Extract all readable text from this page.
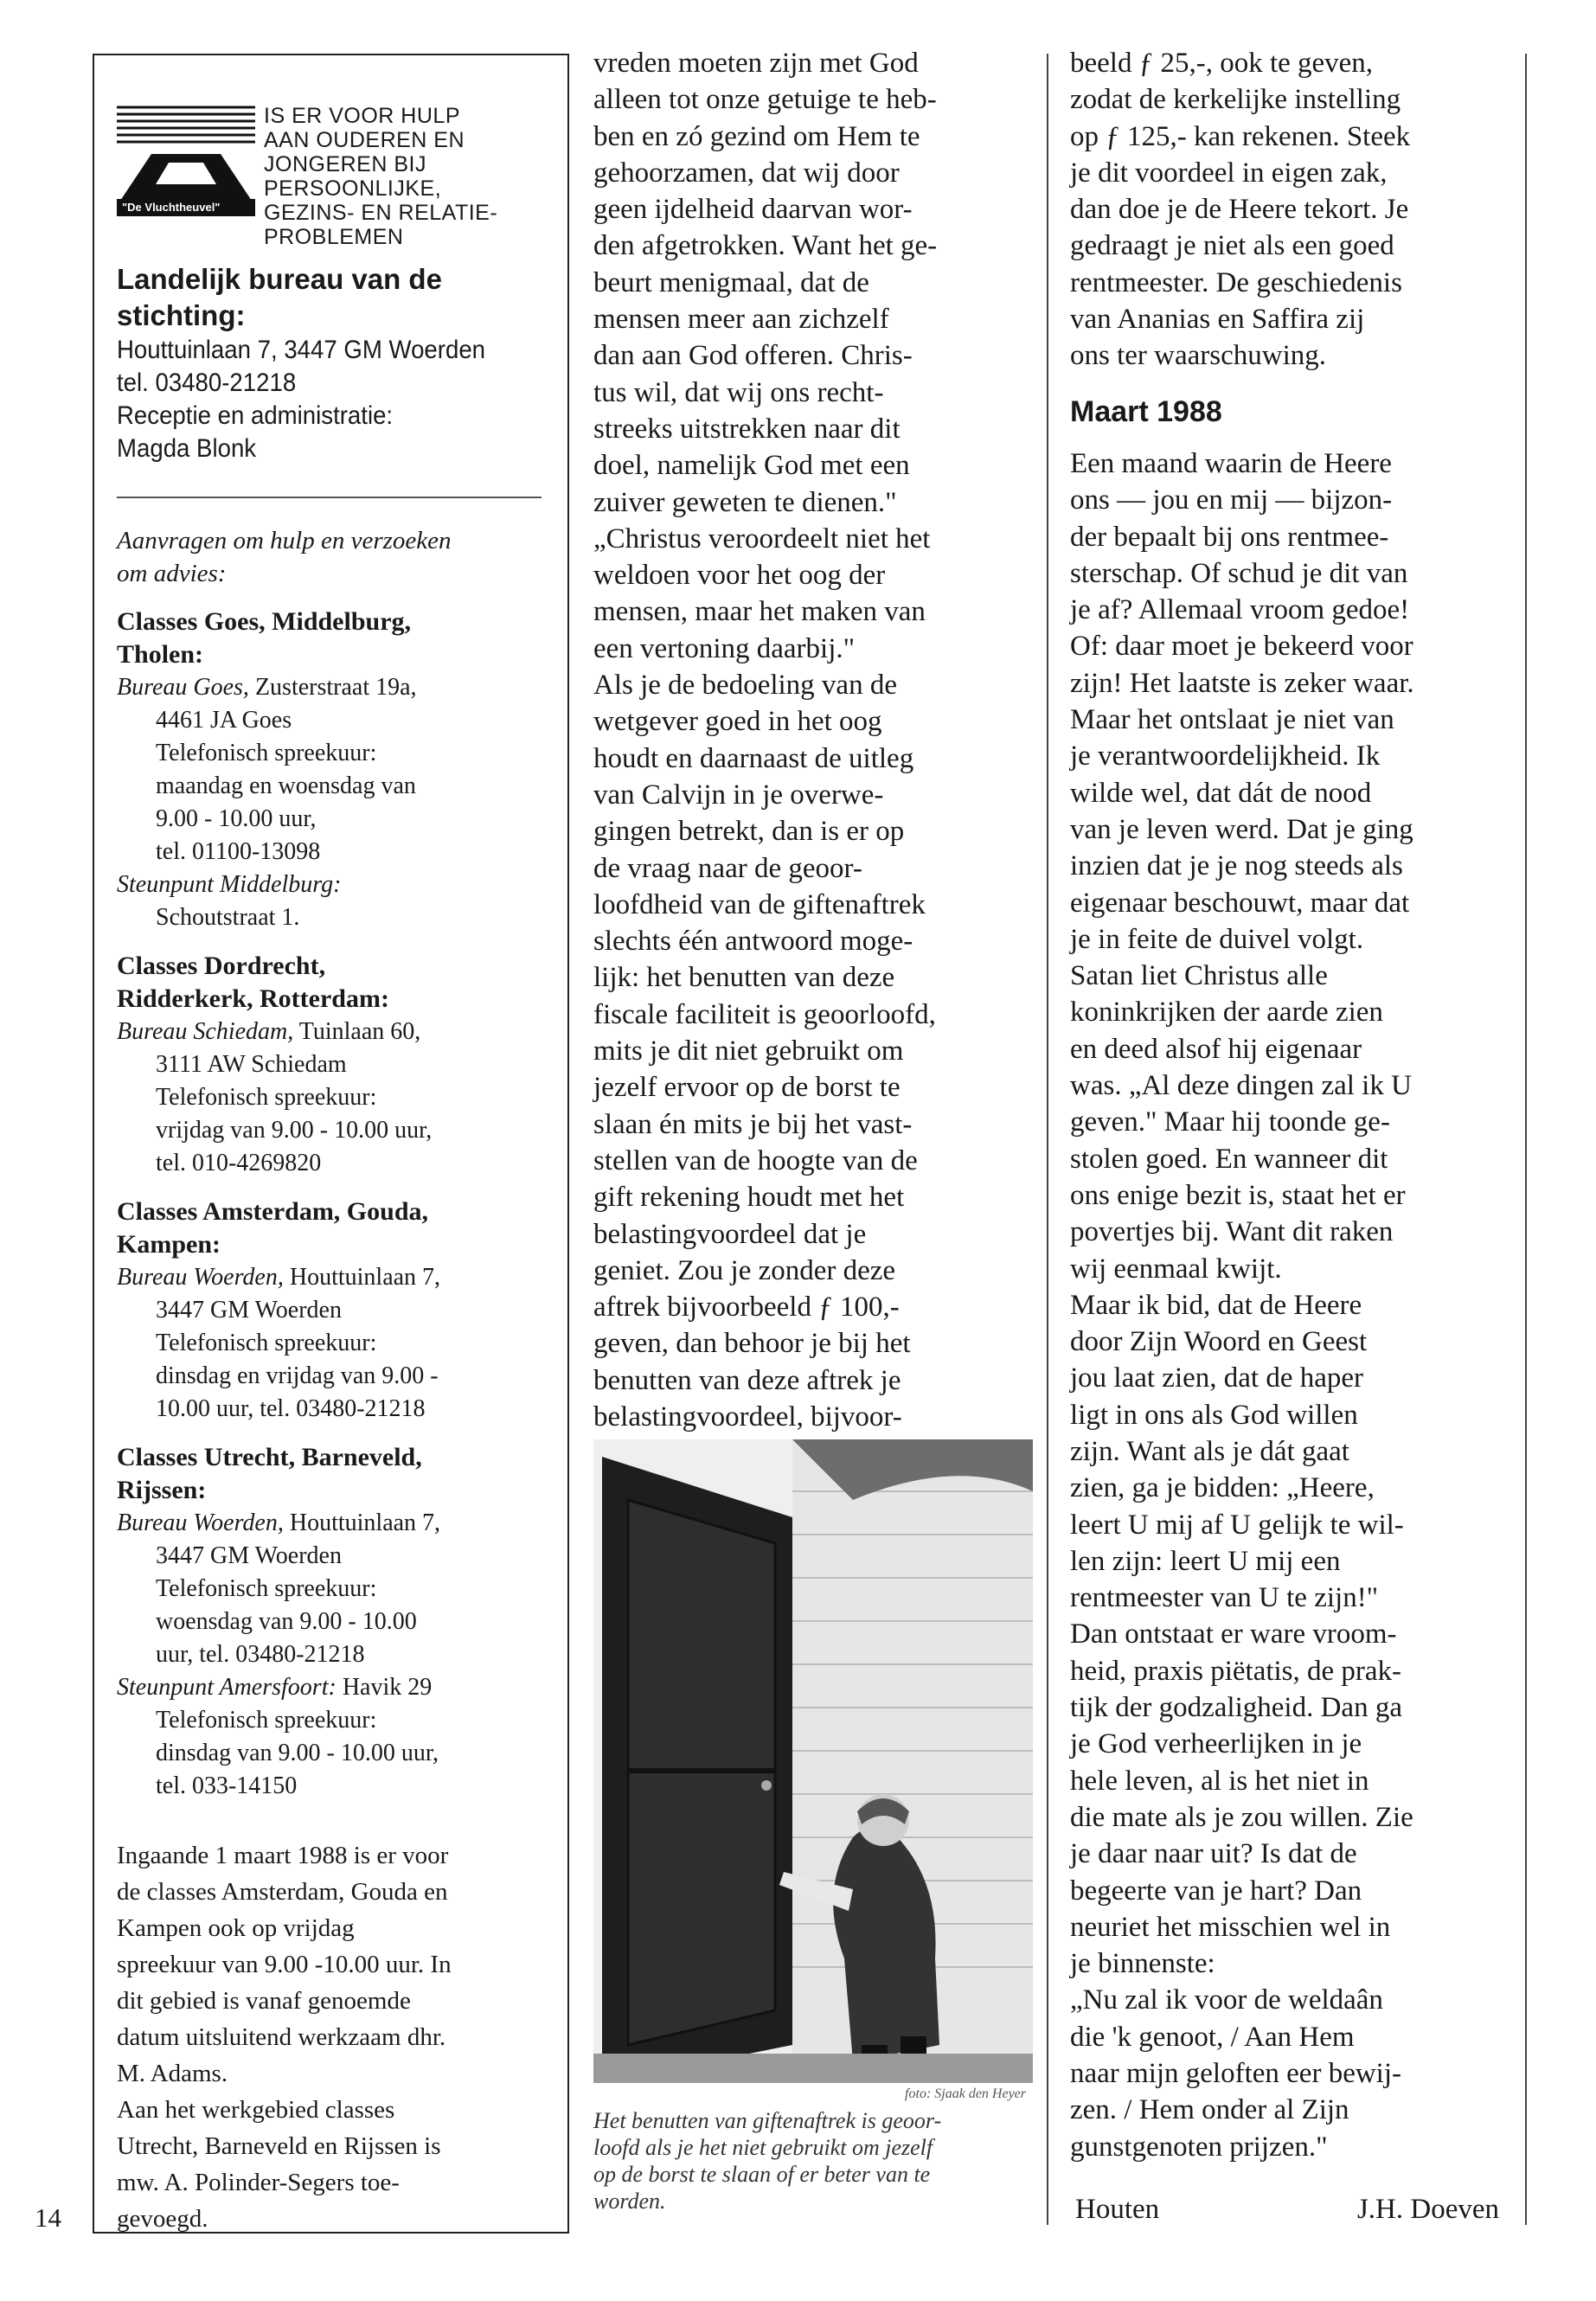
"De Vluchtheuvel"
IS ER VOOR HULP
AAN OUDEREN EN
JONGEREN BIJ
PERSOONLIJKE,
GEZINS- EN RELATIE-
PROBLEMEN
Landelijk bureau van de
stichting:
Houttuinlaan 7, 3447 GM Woerden
tel. 03480-21218
Receptie en administratie:
Magda Blonk
Aanvragen om hulp en verzoeken
om advies:
Classes Goes, Middelburg,
Tholen:
Bureau Goes, Zusterstraat 19a,
4461 JA Goes
Telefonisch spreekuur:
maandag en woensdag van
9.00 - 10.00 uur,
tel. 01100-13098
Steunpunt Middelburg:
Schoutstraat 1.
Classes Dordrecht,
Ridderkerk, Rotterdam:
Bureau Schiedam, Tuinlaan 60,
3111 AW Schiedam
Telefonisch spreekuur:
vrijdag van 9.00 - 10.00 uur,
tel. 010-4269820
Classes Amsterdam, Gouda,
Kampen:
Bureau Woerden, Houttuinlaan 7,
3447 GM Woerden
Telefonisch spreekuur:
dinsdag en vrijdag van 9.00 -
10.00 uur, tel. 03480-21218
Classes Utrecht, Barneveld,
Rijssen:
Bureau Woerden, Houttuinlaan 7,
3447 GM Woerden
Telefonisch spreekuur:
woensdag van 9.00 - 10.00
uur, tel. 03480-21218
Steunpunt Amersfoort: Havik 29
Telefonisch spreekuur:
dinsdag van 9.00 - 10.00 uur,
tel. 033-14150
Ingaande 1 maart 1988 is er voor
de classes Amsterdam, Gouda en
Kampen ook op vrijdag
spreekuur van 9.00 -10.00 uur. In
dit gebied is vanaf genoemde
datum uitsluitend werkzaam dhr.
M. Adams.
Aan het werkgebied classes
Utrecht, Barneveld en Rijssen is
mw. A. Polinder-Segers toe-
gevoegd.
vreden moeten zijn met God
alleen tot onze getuige te heb-
ben en zó gezind om Hem te
gehoorzamen, dat wij door
geen ijdelheid daarvan wor-
den afgetrokken. Want het ge-
beurt menigmaal, dat de
mensen meer aan zichzelf
dan aan God offeren. Chris-
tus wil, dat wij ons recht-
streeks uitstrekken naar dit
doel, namelijk God met een
zuiver geweten te dienen."
„Christus veroordeelt niet het
weldoen voor het oog der
mensen, maar het maken van
een vertoning daarbij."
Als je de bedoeling van de
wetgever goed in het oog
houdt en daarnaast de uitleg
van Calvijn in je overwe-
gingen betrekt, dan is er op
de vraag naar de geoor-
loofdheid van de giftenaftrek
slechts één antwoord moge-
lijk: het benutten van deze
fiscale faciliteit is geoorloofd,
mits je dit niet gebruikt om
jezelf ervoor op de borst te
slaan én mits je bij het vast-
stellen van de hoogte van de
gift rekening houdt met het
belastingvoordeel dat je
geniet. Zou je zonder deze
aftrek bijvoorbeeld ƒ 100,-
geven, dan behoor je bij het
benutten van deze aftrek je
belastingvoordeel, bijvoor-
foto: Sjaak den Heyer
Het benutten van giftenaftrek is geoor-
loofd als je het niet gebruikt om jezelf
op de borst te slaan of er beter van te
worden.
beeld ƒ 25,-, ook te geven,
zodat de kerkelijke instelling
op ƒ 125,- kan rekenen. Steek
je dit voordeel in eigen zak,
dan doe je de Heere tekort. Je
gedraagt je niet als een goed
rentmeester. De geschiedenis
van Ananias en Saffira zij
ons ter waarschuwing.
Maart 1988
Een maand waarin de Heere
ons — jou en mij — bijzon-
der bepaalt bij ons rentmee-
sterschap. Of schud je dit van
je af? Allemaal vroom gedoe!
Of: daar moet je bekeerd voor
zijn! Het laatste is zeker waar.
Maar het ontslaat je niet van
je verantwoordelijkheid. Ik
wilde wel, dat dát de nood
van je leven werd. Dat je ging
inzien dat je je nog steeds als
eigenaar beschouwt, maar dat
je in feite de duivel volgt.
Satan liet Christus alle
koninkrijken der aarde zien
en deed alsof hij eigenaar
was. „Al deze dingen zal ik U
geven." Maar hij toonde ge-
stolen goed. En wanneer dit
ons enige bezit is, staat het er
povertjes bij. Want dit raken
wij eenmaal kwijt.
Maar ik bid, dat de Heere
door Zijn Woord en Geest
jou laat zien, dat de haper
ligt in ons als God willen
zijn. Want als je dát gaat
zien, ga je bidden: „Heere,
leert U mij af U gelijk te wil-
len zijn: leert U mij een
rentmeester van U te zijn!"
Dan ontstaat er ware vroom-
heid, praxis piëtatis, de prak-
tijk der godzaligheid. Dan ga
je God verheerlijken in je
hele leven, al is het niet in
die mate als je zou willen. Zie
je daar naar uit? Is dat de
begeerte van je hart? Dan
neuriet het misschien wel in
je binnenste:
„Nu zal ik voor de weldaân
die 'k genoot, / Aan Hem
naar mijn geloften eer bewij-
zen. / Hem onder al Zijn
gunstgenoten prijzen."
Houten	J.H. Doeven
14
